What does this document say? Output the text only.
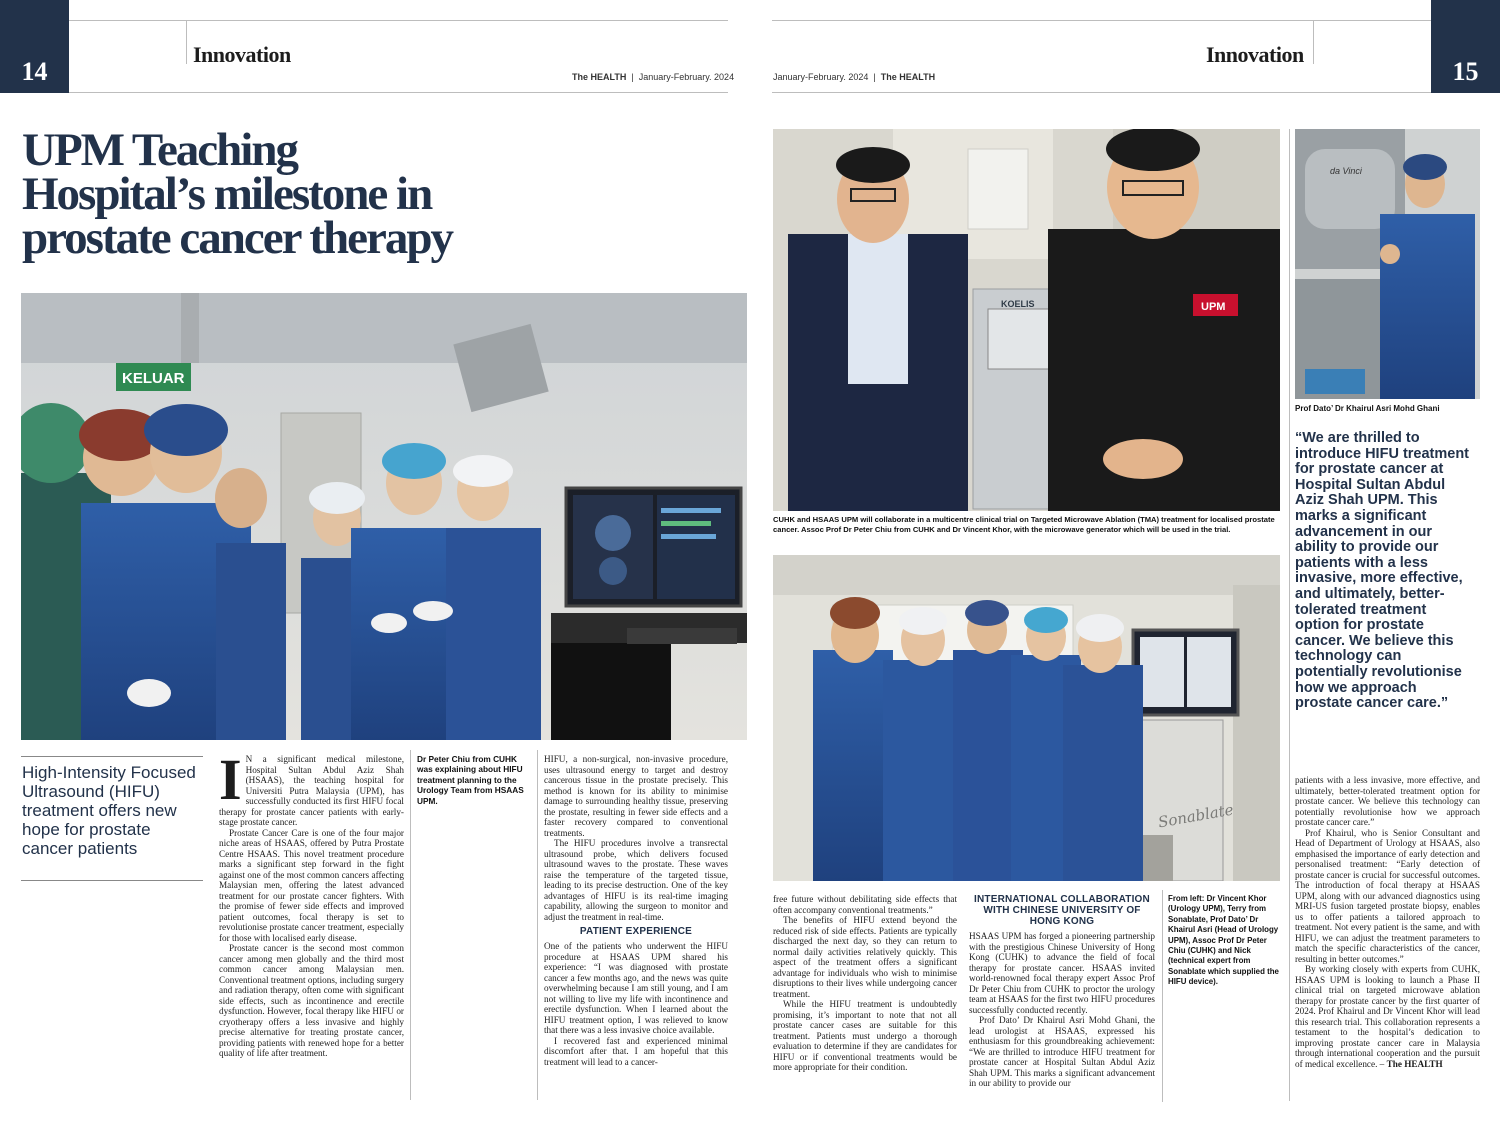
14
Innovation
The HEALTH  |  January-February. 2024	15
Innovation
January-February. 2024  |  The HEALTH
UPM Teaching
Hospital’s milestone in
prostate cancer therapy
KELUAR
High-Intensity Focused Ultrasound (HIFU) treatment offers new hope for prostate cancer patients
I N a significant medical milestone, Hospital Sultan Abdul Aziz Shah (HSAAS), the teaching hospital for Universiti Putra Malaysia (UPM), has successfully conducted its first HIFU focal therapy for prostate cancer patients with early-stage prostate cancer.

Prostate Cancer Care is one of the four major niche areas of HSAAS, offered by Putra Prostate Centre HSAAS. This novel treatment procedure marks a significant step forward in the fight against one of the most common cancers affecting Malaysian men, offering the latest advanced treatment for our prostate cancer fighters. With the promise of fewer side effects and improved patient outcomes, focal therapy is set to revolutionise prostate cancer treatment, especially for those with localised early disease.

Prostate cancer is the second most common cancer among men globally and the third most common cancer among Malaysian men. Conventional treatment options, including surgery and radiation therapy, often come with significant side effects, such as incontinence and erectile dysfunction. However, focal therapy like HIFU or cryotherapy offers a less invasive and highly precise alternative for treating prostate cancer, providing patients with renewed hope for a better quality of life after treatment.

Dr Peter Chiu from CUHK was explaining about HIFU treatment planning to the Urology Team from HSAAS UPM.

HIFU, a non-surgical, non-invasive procedure, uses ultrasound energy to target and destroy cancerous tissue in the prostate precisely. This method is known for its ability to minimise damage to surrounding healthy tissue, preserving the prostate, resulting in fewer side effects and a faster recovery compared to conventional treatments.

The HIFU procedures involve a transrectal ultrasound probe, which delivers focused ultrasound waves to the prostate. These waves raise the temperature of the targeted tissue, leading to its precise destruction. One of the key advantages of HIFU is its real-time imaging capability, allowing the surgeon to monitor and adjust the treatment in real-time.

PATIENT EXPERIENCE

One of the patients who underwent the HIFU procedure at HSAAS UPM shared his experience: “I was diagnosed with prostate cancer a few months ago, and the news was quite overwhelming because I am still young, and I am not willing to live my life with incontinence and erectile dysfunction. When I learned about the HIFU treatment option, I was relieved to know that there was a less invasive choice available.

I recovered fast and experienced minimal discomfort after that. I am hopeful that this treatment will lead to a cancer-

KOELIS	UPM
CUHK and HSAAS UPM will collaborate in a multicentre clinical trial on Targeted Microwave Ablation (TMA) treatment for localised prostate cancer. Assoc Prof Dr Peter Chiu from CUHK and Dr Vincent Khor, with the microwave generator which will be used in the trial.
Sonablate

free future without debilitating side effects that often accompany conventional treatments.”

The benefits of HIFU extend beyond the reduced risk of side effects. Patients are typically discharged the next day, so they can return to normal daily activities relatively quickly. This aspect of the treatment offers a significant advantage for individuals who wish to minimise disruptions to their lives while undergoing cancer treatment.

While the HIFU treatment is undoubtedly promising, it’s important to note that not all prostate cancer cases are suitable for this treatment. Patients must undergo a thorough evaluation to determine if they are candidates for HIFU or if conventional treatments would be more appropriate for their condition.

INTERNATIONAL COLLABORATION WITH CHINESE UNIVERSITY OF HONG KONG

HSAAS UPM has forged a pioneering partnership with the prestigious Chinese University of Hong Kong (CUHK) to advance the field of focal therapy for prostate cancer. HSAAS invited world-renowned focal therapy expert Assoc Prof Dr Peter Chiu from CUHK to proctor the urology team at HSAAS for the first two HIFU procedures successfully conducted recently.

Prof Dato’ Dr Khairul Asri Mohd Ghani, the lead urologist at HSAAS, expressed his enthusiasm for this groundbreaking achievement: “We are thrilled to introduce HIFU treatment for prostate cancer at Hospital Sultan Abdul Aziz Shah UPM. This marks a significant advancement in our ability to provide our

From left: Dr Vincent Khor (Urology UPM), Terry from Sonablate, Prof Dato’ Dr Khairul Asri (Head of Urology UPM), Assoc Prof Dr Peter Chiu (CUHK) and Nick (technical expert from Sonablate which supplied the HIFU device).
da Vinci
Prof Dato’ Dr Khairul Asri Mohd Ghani
“We are thrilled to introduce HIFU treatment for prostate cancer at Hospital Sultan Abdul Aziz Shah UPM. This marks a significant advancement in our ability to provide our patients with a less invasive, more effective, and ultimately, better-tolerated treatment option for prostate cancer. We believe this technology can potentially revolutionise how we approach prostate cancer care.”

patients with a less invasive, more effective, and ultimately, better-tolerated treatment option for prostate cancer. We believe this technology can potentially revolutionise how we approach prostate cancer care.”

Prof Khairul, who is Senior Consultant and Head of Department of Urology at HSAAS, also emphasised the importance of early detection and personalised treatment: “Early detection of prostate cancer is crucial for successful outcomes. The introduction of focal therapy at HSAAS UPM, along with our advanced diagnostics using MRI-US fusion targeted prostate biopsy, enables us to offer patients a tailored approach to treatment. Not every patient is the same, and with HIFU, we can adjust the treatment parameters to match the specific characteristics of the cancer, resulting in better outcomes.”

By working closely with experts from CUHK, HSAAS UPM is looking to launch a Phase II clinical trial on targeted microwave ablation therapy for prostate cancer by the first quarter of 2024. Prof Khairul and Dr Vincent Khor will lead this research trial. This collaboration represents a testament to the hospital’s dedication to improving prostate cancer care in Malaysia through international cooperation and the pursuit of medical excellence. – The HEALTH
